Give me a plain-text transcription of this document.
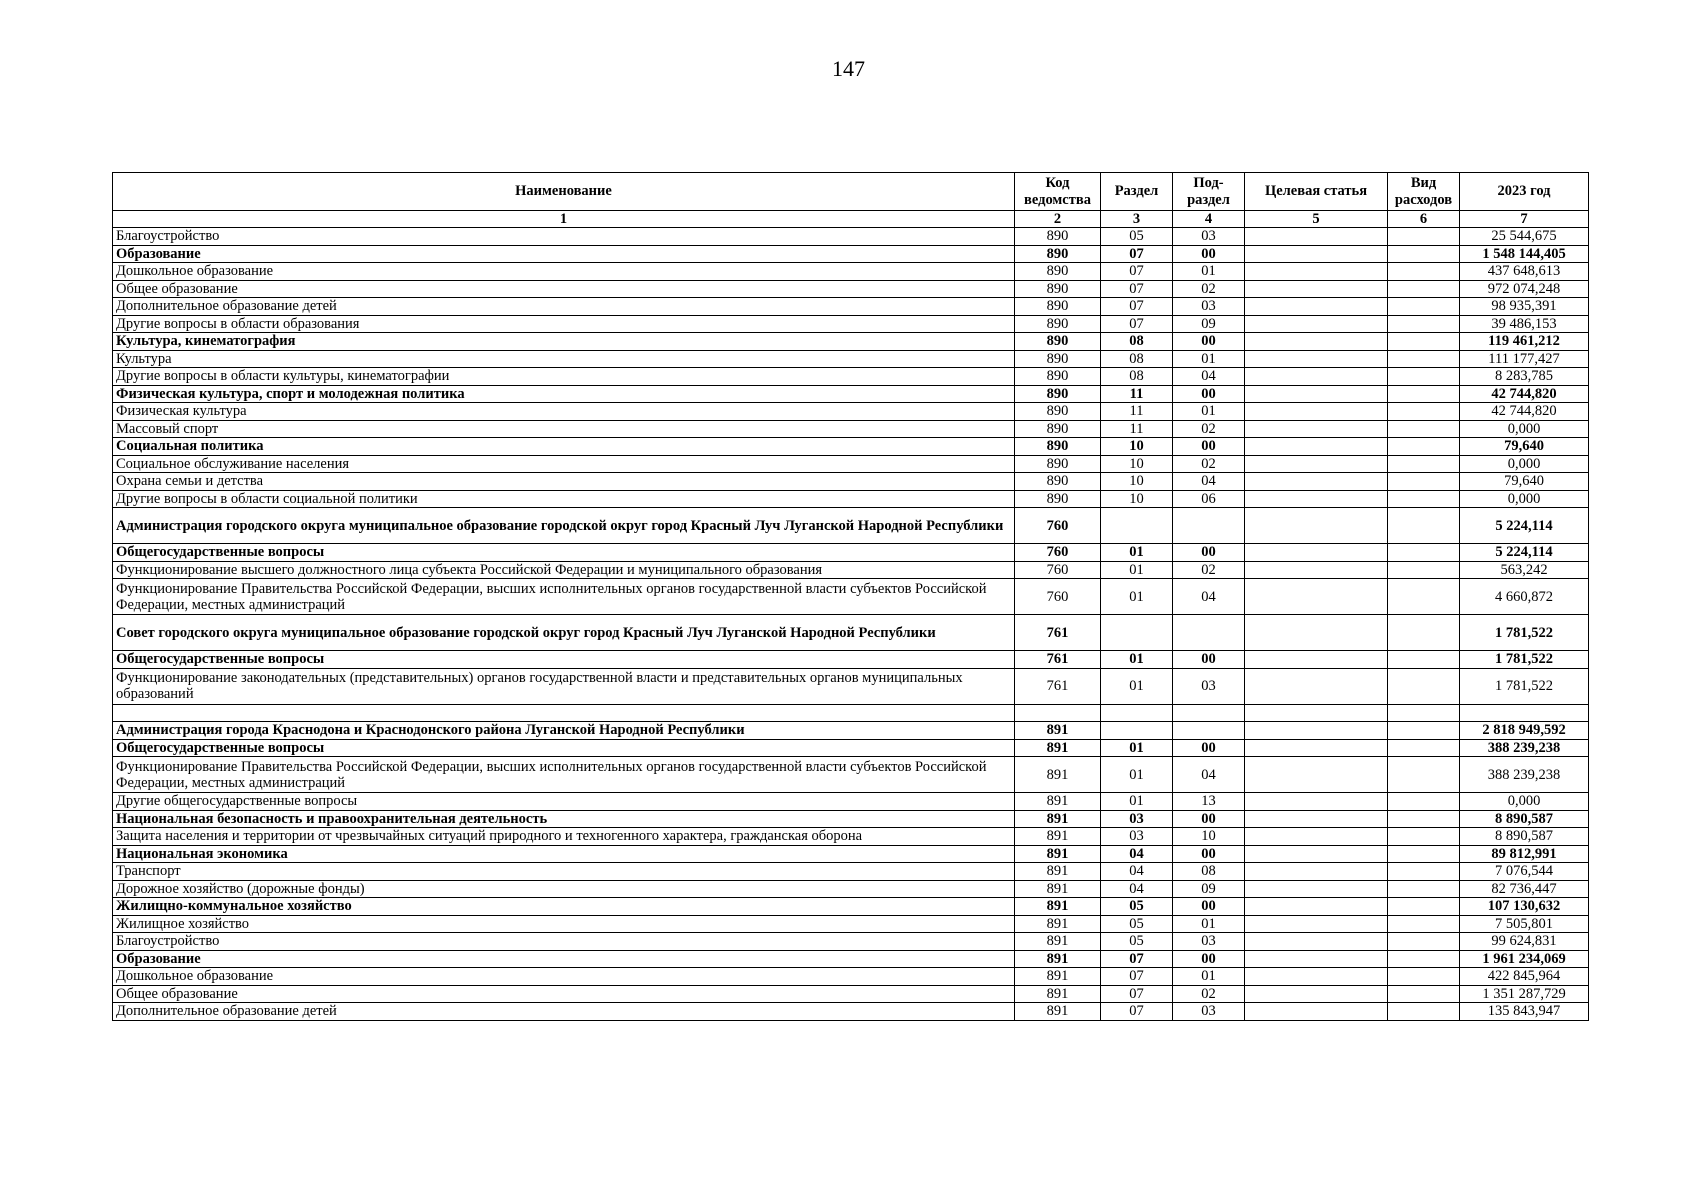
147
Наименование	Код ведомства	Раздел	Под-раздел	Целевая статья	Вид расходов	2023 год
1	2	3	4	5	6	7
Благоустройство	890	05	03			25 544,675
Образование	890	07	00			1 548 144,405
Дошкольное образование	890	07	01			437 648,613
Общее образование	890	07	02			972 074,248
Дополнительное образование детей	890	07	03			98 935,391
Другие вопросы в области образования	890	07	09			39 486,153
Культура, кинематография	890	08	00			119 461,212
Культура	890	08	01			111 177,427
Другие вопросы в области культуры, кинематографии	890	08	04			8 283,785
Физическая культура, спорт и молодежная политика	890	11	00			42 744,820
Физическая культура	890	11	01			42 744,820
Массовый спорт	890	11	02			0,000
Социальная политика	890	10	00			79,640
Социальное обслуживание населения	890	10	02			0,000
Охрана семьи и детства	890	10	04			79,640
Другие вопросы в области социальной политики	890	10	06			0,000
Администрация городского округа муниципальное образование городской округ город Красный Луч Луганской Народной Республики	760					5 224,114
Общегосударственные вопросы	760	01	00			5 224,114
Функционирование высшего должностного лица субъекта Российской Федерации и муниципального образования	760	01	02			563,242
Функционирование Правительства Российской Федерации, высших исполнительных органов государственной власти субъектов Российской Федерации, местных администраций	760	01	04			4 660,872
Совет городского округа муниципальное образование городской округ город Красный Луч Луганской Народной Республики	761					1 781,522
Общегосударственные вопросы	761	01	00			1 781,522
Функционирование законодательных (представительных) органов государственной власти и представительных органов муниципальных образований	761	01	03			1 781,522

Администрация города Краснодона и Краснодонского района Луганской Народной Республики	891					2 818 949,592
Общегосударственные вопросы	891	01	00			388 239,238
Функционирование Правительства Российской Федерации, высших исполнительных органов государственной власти субъектов Российской Федерации, местных администраций	891	01	04			388 239,238
Другие общегосударственные вопросы	891	01	13			0,000
Национальная безопасность и правоохранительная деятельность	891	03	00			8 890,587
Защита населения и территории от чрезвычайных ситуаций природного и техногенного характера, гражданская оборона	891	03	10			8 890,587
Национальная экономика	891	04	00			89 812,991
Транспорт	891	04	08			7 076,544
Дорожное хозяйство (дорожные фонды)	891	04	09			82 736,447
Жилищно-коммунальное хозяйство	891	05	00			107 130,632
Жилищное хозяйство	891	05	01			7 505,801
Благоустройство	891	05	03			99 624,831
Образование	891	07	00			1 961 234,069
Дошкольное образование	891	07	01			422 845,964
Общее образование	891	07	02			1 351 287,729
Дополнительное образование детей	891	07	03			135 843,947
